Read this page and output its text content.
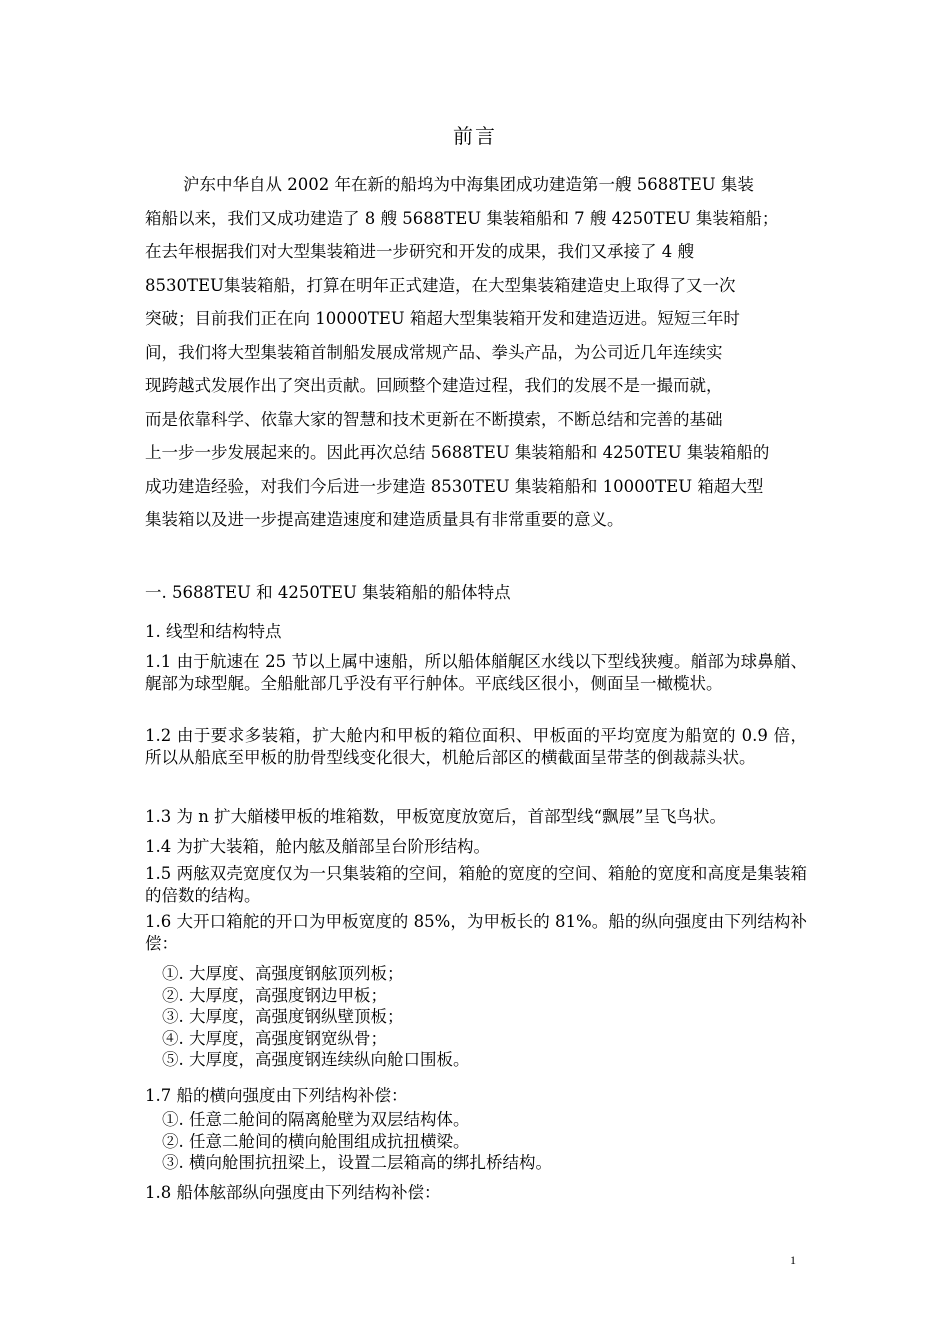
前言
沪东中华自从 2002 年在新的船坞为中海集团成功建造第一艘 5688TEU 集装
箱船以来，我们又成功建造了 8 艘 5688TEU 集装箱船和 7 艘 4250TEU 集装箱船；
在去年根据我们对大型集装箱进一步研究和开发的成果，我们又承接了 4 艘
8530TEU集装箱船，打算在明年正式建造，在大型集装箱建造史上取得了又一次
突破；目前我们正在向 10000TEU 箱超大型集装箱开发和建造迈进。短短三年时
间，我们将大型集装箱首制船发展成常规产品、拳头产品，为公司近几年连续实
现跨越式发展作出了突出贡献。回顾整个建造过程，我们的发展不是一撮而就，
而是依靠科学、依靠大家的智慧和技术更新在不断摸索，不断总结和完善的基础
上一步一步发展起来的。因此再次总结 5688TEU 集装箱船和 4250TEU 集装箱船的
成功建造经验，对我们今后进一步建造 8530TEU 集装箱船和 10000TEU 箱超大型
集装箱以及进一步提高建造速度和建造质量具有非常重要的意义。
一. 5688TEU 和 4250TEU 集装箱船的船体特点
1. 线型和结构特点
1.1 由于航速在 25 节以上属中速船，所以船体艏艉区水线以下型线狭瘦。艏部为球鼻艏、艉部为球型艉。全船舭部几乎没有平行舯体。平底线区很小，侧面呈一橄榄状。
1.2 由于要求多装箱，扩大舱内和甲板的箱位面积、甲板面的平均宽度为船宽的 0.9 倍，所以从船底至甲板的肋骨型线变化很大，机舱后部区的横截面呈带茎的倒裁蒜头状。
1.3 为 n 扩大艏楼甲板的堆箱数，甲板宽度放宽后，首部型线“飘展”呈飞鸟状。
1.4 为扩大装箱，舱内舷及艏部呈台阶形结构。
1.5 两舷双壳宽度仅为一只集装箱的空间，箱舱的宽度的空间、箱舱的宽度和高度是集装箱的倍数的结构。
1.6 大开口箱舵的开口为甲板宽度的 85%，为甲板长的 81%。船的纵向强度由下列结构补偿：
①. 大厚度、高强度钢舷顶列板；
②. 大厚度，高强度钢边甲板；
③. 大厚度，高强度钢纵壁顶板；
④. 大厚度，高强度钢宽纵骨；
⑤. 大厚度，高强度钢连续纵向舱口围板。
1.7 船的横向强度由下列结构补偿：
①. 任意二舱间的隔离舱壁为双层结构体。
②. 任意二舱间的横向舱围组成抗扭横梁。
③. 横向舱围抗扭梁上，设置二层箱高的绑扎桥结构。
1.8 船体舷部纵向强度由下列结构补偿：
1
